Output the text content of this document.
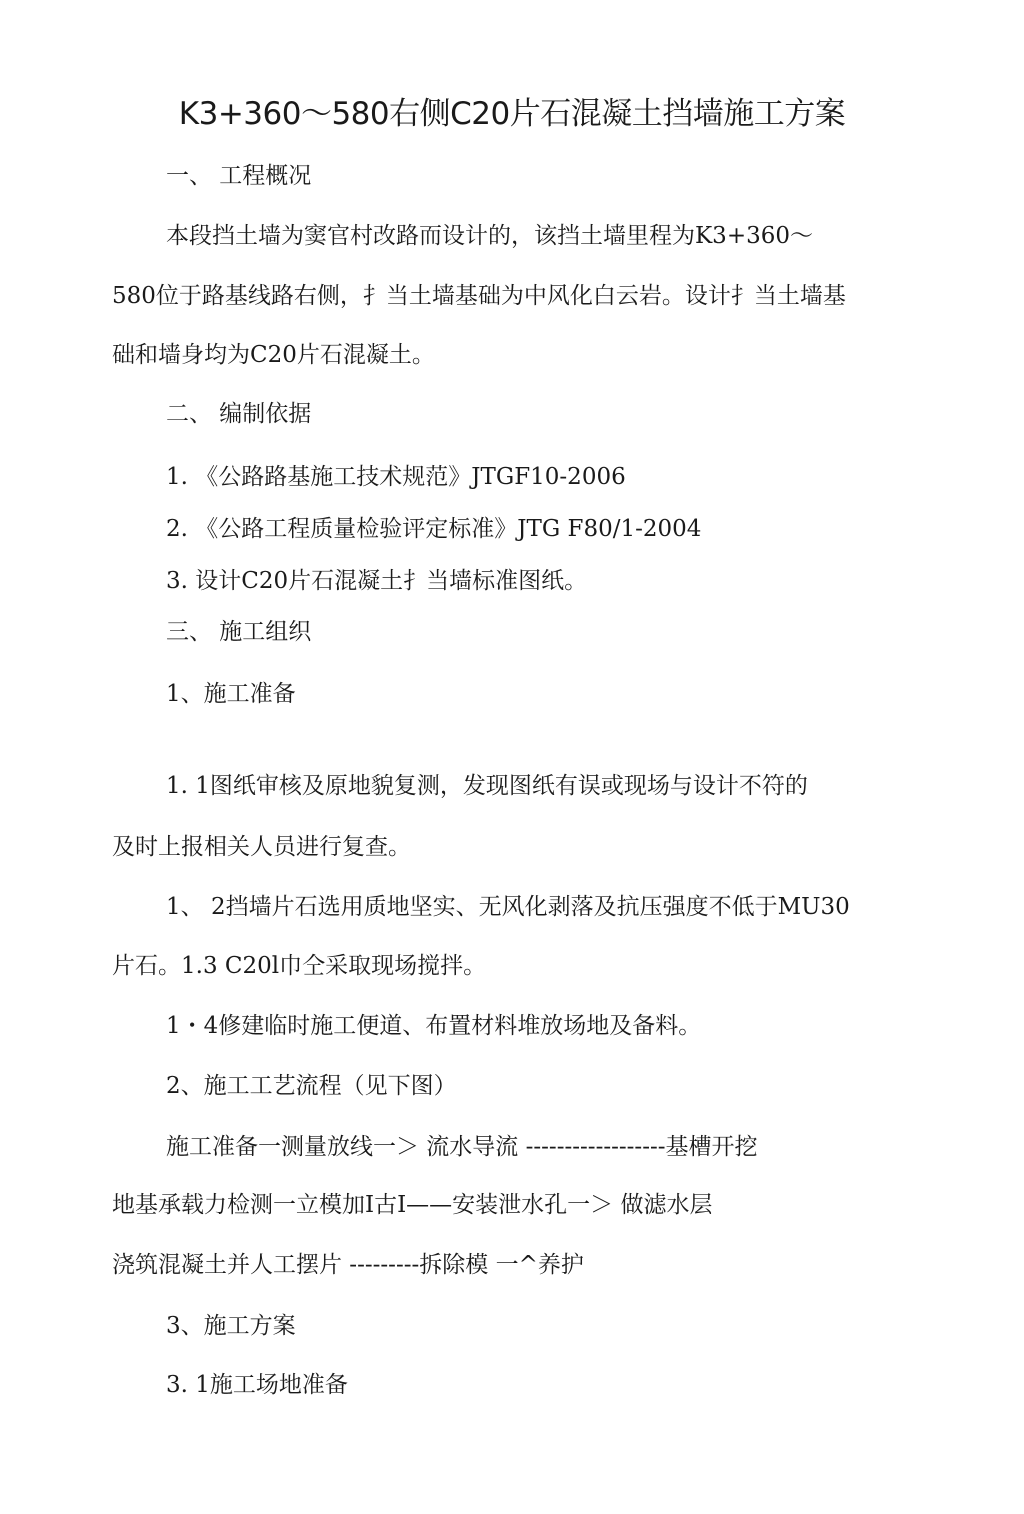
K3+360～580右侧C20片石混凝土挡墙施工方案
一、 工程概况
本段挡土墙为窦官村改路而设计的，该挡土墙里程为K3+360～
580位于路基线路右侧，扌当土墙基础为中风化白云岩。设计扌当土墙基
础和墙身均为C20片石混凝土。
二、 编制依据
1. 《公路路基施工技术规范》JTGF10-2006
2. 《公路工程质量检验评定标准》JTG F80/1-2004
3. 设计C20片石混凝土扌当墙标准图纸。
三、 施工组织
1、施工准备
1. 1图纸审核及原地貌复测，发现图纸有误或现场与设计不符的
及时上报相关人员进行复查。
1、 2挡墙片石选用质地坚实、无风化剥落及抗压强度不低于MU30
片石。1.3 C20l巾仝采取现场搅拌。
1・4修建临时施工便道、布置材料堆放场地及备料。
2、施工工艺流程（见下图）
施工准备一测量放线一＞ 流水导流 ------------------基槽开挖
地基承载力检测一立模加I古I——安装泄水孔一＞ 做滤水层
浇筑混凝土并人工摆片 ---------拆除模 一^养护
3、施工方案
3. 1施工场地准备
